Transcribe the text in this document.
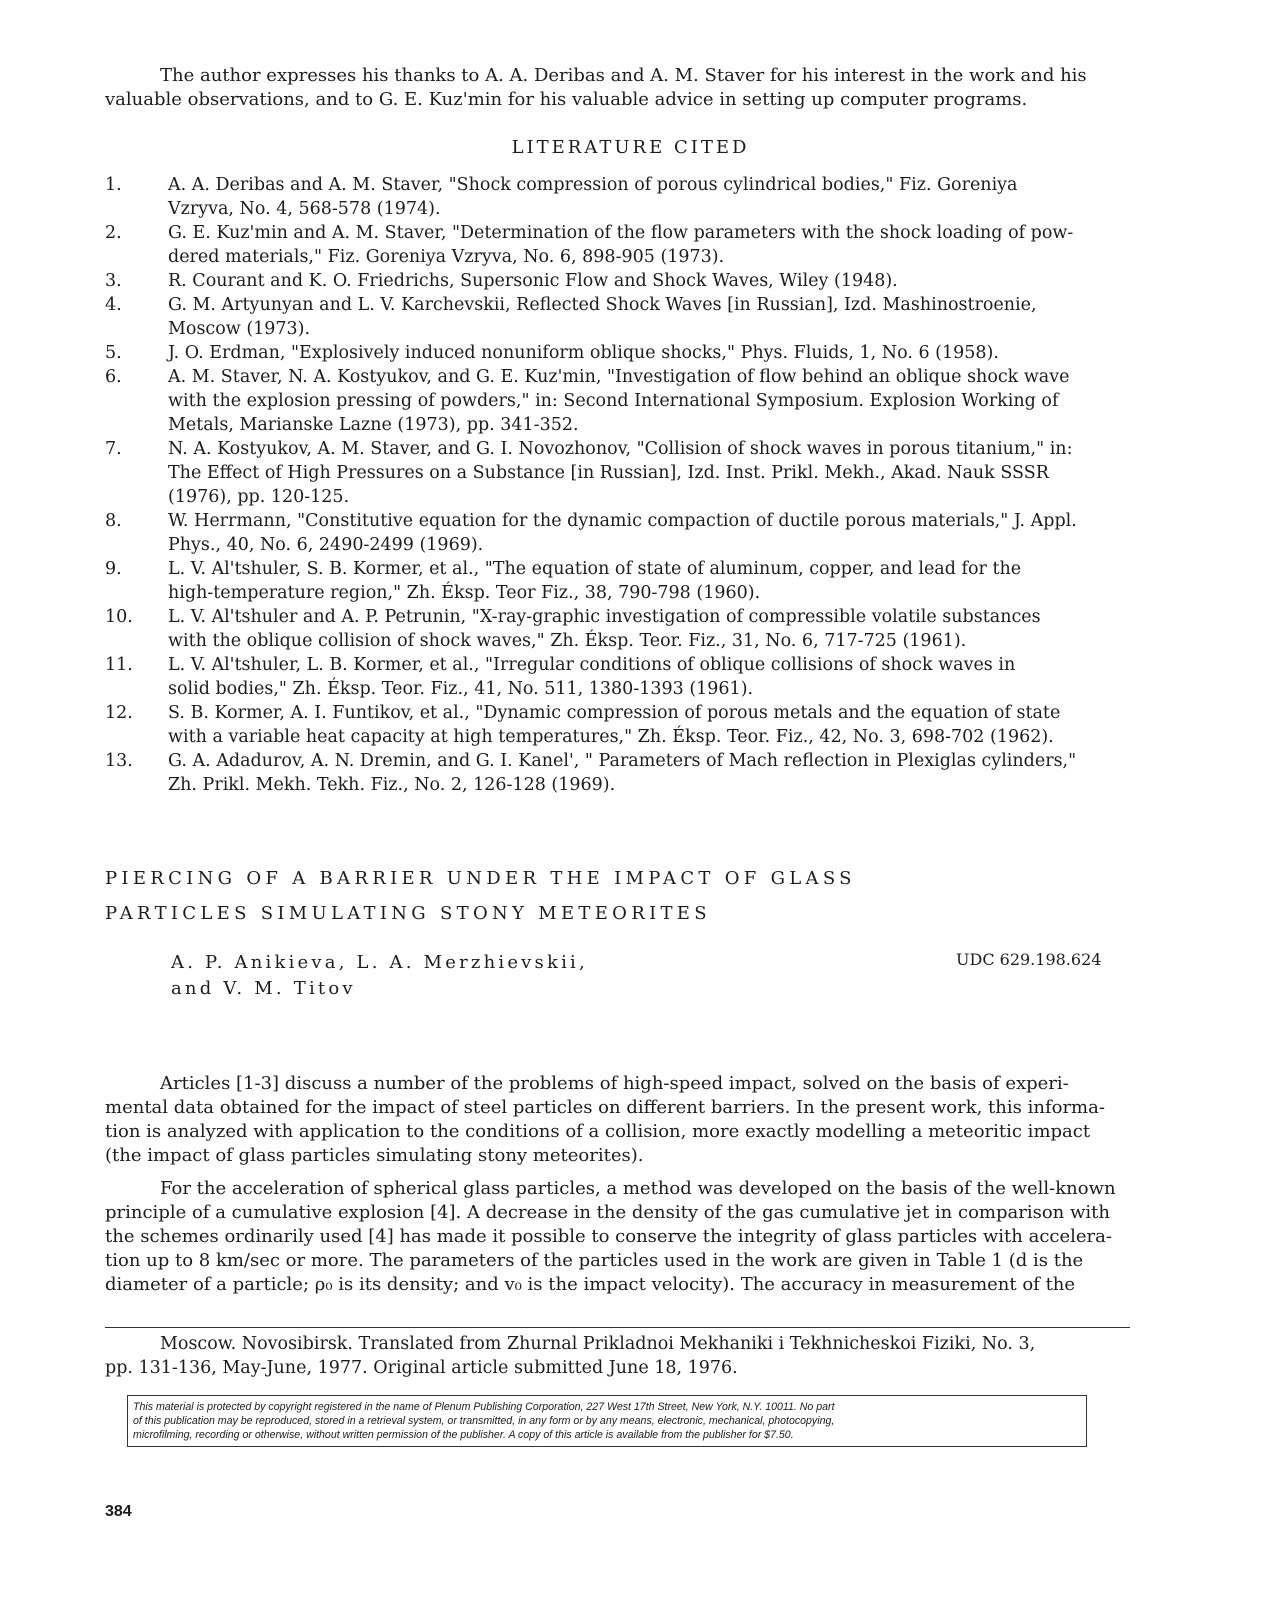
The author expresses his thanks to A. A. Deribas and A. M. Staver for his interest in the work and his
valuable observations, and to G. E. Kuz'min for his valuable advice in setting up computer programs.

LITERATURE CITED
1.	A. A. Deribas and A. M. Staver, "Shock compression of porous cylindrical bodies," Fiz. Goreniya
Vzryva, No. 4, 568-578 (1974).
2.	G. E. Kuz'min and A. M. Staver, "Determination of the flow parameters with the shock loading of pow-
dered materials," Fiz. Goreniya Vzryva, No. 6, 898-905 (1973).
3.	R. Courant and K. O. Friedrichs, Supersonic Flow and Shock Waves, Wiley (1948).
4.	G. M. Artyunyan and L. V. Karchevskii, Reflected Shock Waves [in Russian], Izd. Mashinostroenie,
Moscow (1973).
5.	J. O. Erdman, "Explosively induced nonuniform oblique shocks," Phys. Fluids, 1, No. 6 (1958).
6.	A. M. Staver, N. A. Kostyukov, and G. E. Kuz'min, "Investigation of flow behind an oblique shock wave
with the explosion pressing of powders," in: Second International Symposium. Explosion Working of
Metals, Marianske Lazne (1973), pp. 341-352.
7.	N. A. Kostyukov, A. M. Staver, and G. I. Novozhonov, "Collision of shock waves in porous titanium," in:
The Effect of High Pressures on a Substance [in Russian], Izd. Inst. Prikl. Mekh., Akad. Nauk SSSR
(1976), pp. 120-125.
8.	W. Herrmann, "Constitutive equation for the dynamic compaction of ductile porous materials," J. Appl.
Phys., 40, No. 6, 2490-2499 (1969).
9.	L. V. Al'tshuler, S. B. Kormer, et al., "The equation of state of aluminum, copper, and lead for the
high-temperature region," Zh. Éksp. Teor Fiz., 38, 790-798 (1960).
10.	L. V. Al'tshuler and A. P. Petrunin, "X-ray-graphic investigation of compressible volatile substances
with the oblique collision of shock waves," Zh. Éksp. Teor. Fiz., 31, No. 6, 717-725 (1961).
11.	L. V. Al'tshuler, L. B. Kormer, et al., "Irregular conditions of oblique collisions of shock waves in
solid bodies," Zh. Éksp. Teor. Fiz., 41, No. 511, 1380-1393 (1961).
12.	S. B. Kormer, A. I. Funtikov, et al., "Dynamic compression of porous metals and the equation of state
with a variable heat capacity at high temperatures," Zh. Éksp. Teor. Fiz., 42, No. 3, 698-702 (1962).
13.	G. A. Adadurov, A. N. Dremin, and G. I. Kanel', " Parameters of Mach reflection in Plexiglas cylinders,"
Zh. Prikl. Mekh. Tekh. Fiz., No. 2, 126-128 (1969).
PIERCING OF A BARRIER UNDER THE IMPACT OF GLASS
PARTICLES SIMULATING STONY METEORITES

A. P. Anikieva, L. A. Merzhievskii,
and V. M. Titov

UDC 629.198.624

Articles [1-3] discuss a number of the problems of high-speed impact, solved on the basis of experi-
mental data obtained for the impact of steel particles on different barriers. In the present work, this informa-
tion is analyzed with application to the conditions of a collision, more exactly modelling a meteoritic impact
(the impact of glass particles simulating stony meteorites).

For the acceleration of spherical glass particles, a method was developed on the basis of the well-known
principle of a cumulative explosion [4]. A decrease in the density of the gas cumulative jet in comparison with
the schemes ordinarily used [4] has made it possible to conserve the integrity of glass particles with accelera-
tion up to 8 km/sec or more. The parameters of the particles used in the work are given in Table 1 (d is the
diameter of a particle; ρ₀ is its density; and v₀ is the impact velocity). The accuracy in measurement of the

Moscow. Novosibirsk. Translated from Zhurnal Prikladnoi Mekhaniki i Tekhnicheskoi Fiziki, No. 3,
pp. 131-136, May-June, 1977. Original article submitted June 18, 1976.

This material is protected by copyright registered in the name of Plenum Publishing Corporation, 227 West 17th Street, New York, N.Y. 10011. No part
of this publication may be reproduced, stored in a retrieval system, or transmitted, in any form or by any means, electronic, mechanical, photocopying,
microfilming, recording or otherwise, without written permission of the publisher. A copy of this article is available from the publisher for $7.50.

384
